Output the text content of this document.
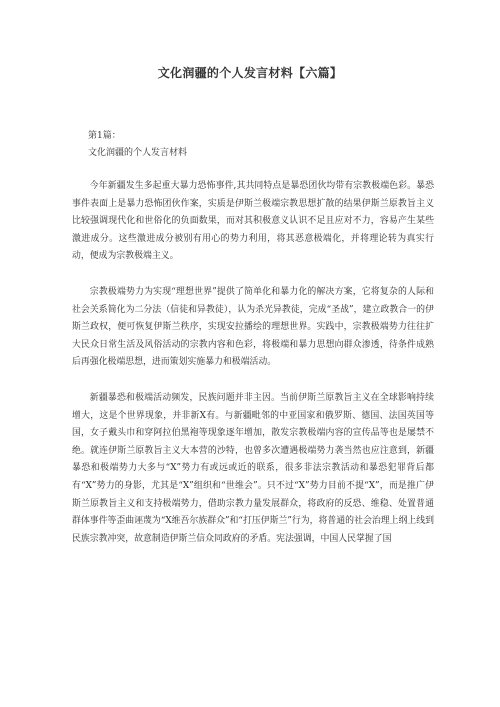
文化润疆的个人发言材料【六篇】
第1篇：
文化润疆的个人发言材料

今年新疆发生多起重大暴力恐怖事件,其共同特点是暴恐团伙均带有宗教极端色彩。暴恐事件表面上是暴力恐怖团伙作案，实质是伊斯兰极端宗教思想扩散的结果伊斯兰原教旨主义比较强调现代化和世俗化的负面数果，而对其积极意义认识不足且应对不力，容易产生某些激进成分。这些激进成分被别有用心的势力利用，将其恶意极端化，并将理论转为真实行动，便成为宗教极端主义。

宗教极端势力为实现“理想世界”提供了简单化和暴力化的解决方案，它将复杂的人际和社会关系简化为二分法（信徒和异教徒），认为杀光异教徒，完成“圣战”，建立政教合一的伊斯兰政权，便可恢复伊斯兰秩序，实现安拉播绘的理想世界。实践中，宗教极端势力往往扩大民众日常生活及风俗活动的宗教内容和色彩，将极端和暴力思想向群众渗透，待条件成熟后再强化极端思想，进而策划实施暴力和极端活动。

新疆暴恐和极端活动频发，民族问题并非主因。当前伊斯兰原教旨主义在全球影响持续增大，这是个世界现象，并非新X有。与新疆毗邻的中亚国家和俄罗斯、德国、法国英国等国，女子戴头巾和穿阿拉伯黑袍等现象逐年增加，散发宗教极端内容的宣传品等也是屡禁不绝。就连伊斯兰原教旨主义大本营的沙特，也曾多次遭遇极端势力袭当然也应注意到，新疆暴恐和极端势力大多与“X”势力有或远或近的联系，很多非法宗教活动和暴恐犯罪背后都有“X”势力的身影，尤其是“X”组织和“世维会”。只不过“X”势力目前不提“X”，而是推广伊斯兰原教旨主义和支持极端势力，借助宗教力量发展群众，将政府的反恐、维稳、处置普通群体事件等歪曲诬蔑为“X维吾尔族群众”和“打压伊斯兰”行为，将普通的社会治理上纲上线到民族宗教冲突，故意制造伊斯兰信众同政府的矛盾。宪法强调，中国人民掌握了国
